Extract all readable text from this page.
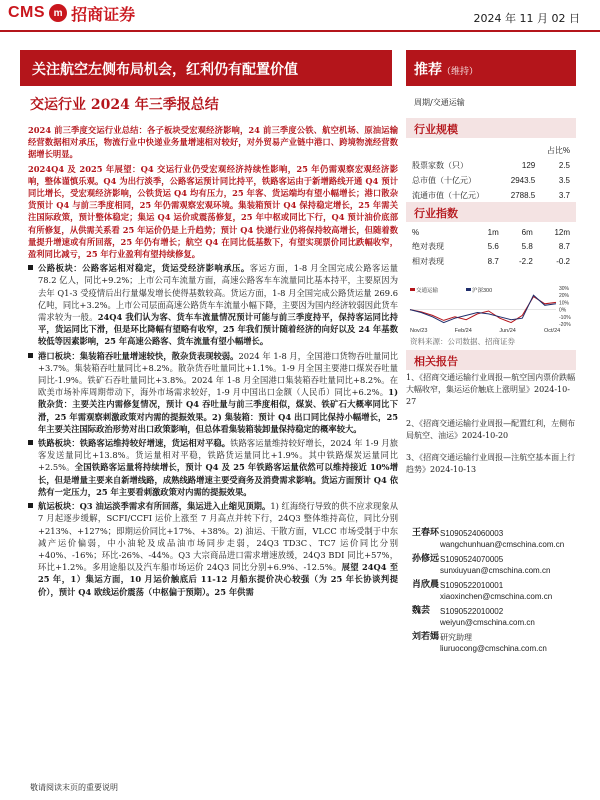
CMS m 招商证券	2024 年 11 月 02 日
关注航空左侧布局机会，红利仍有配置价值	推荐（维持）
交运行业 2024 年三季报总结	周期/交通运输

2024 前三季度交运行业总结：各子板块受宏观经济影响，24 前三季度公铁、航空机场、原油运输经营数据相对承压，物流行业中快递业务量增速相对较好，对外贸易产业链中港口、跨境物流经营数据增长明显。

2024Q4 及 2025 年展望：Q4 交运行业仍受宏观经济持续性影响，25 年仍需观察宏观经济影响，整体谨慎乐观。Q4 为出行淡季，公路客运预计同比持平，铁路客运由于新增路线开通 Q4 预计同比增长，受宏观经济影响，公铁货运 Q4 均有压力，25 年客、货运端均有望小幅增长；港口散杂货预计 Q4 与前三季度相同，25 年仍需观察宏观环境。集装箱预计 Q4 保持稳定增长，25 年需关注国际政策，预计整体稳定；集运 Q4 运价或震荡修复，25 年中枢或同比下行，Q4 预计油价底部有所修复，从供需关系看 25 年运价仍是上升趋势；预计 Q4 快递行业仍将保持较高增长，但随着数量提升增速或有所回落，25 年仍有增长；航空 Q4 在同比低基数下，有望实现票价同比跌幅收窄，盈利同比减亏，25 年行业盈利有望持续修复。

公路板块：公路客运相对稳定，货运受经济影响承压。客运方面，1-8 月全国完成公路客运量 78.2 亿人，同比+9.2%；上市公司车流量方面，高速公路客车车流量同比基本持平，主要原因为去年 Q1-3 受疫情后出行量爆发增长使得基数较高。货运方面，1-8 月全国完成公路货运量 269.6 亿吨，同比+3.2%。上市公司层面高速公路货车车流量小幅下降，主要因为国内经济较弱因此货车需求较为一般。24Q4 我们认为客、货车车流量情况预计可能与前三季度持平，保持客运同比持平，货运同比下滑，但是环比降幅有望略有收窄，25 年我们预计随着经济的向好以及 24 年基数较低等因素影响，25 年高速公路客、货车流量有望小幅增长。

港口板块：集装箱吞吐量增速较快，散杂货表现较弱。2024 年 1-8 月，全国港口货物吞吐量同比+3.7%。集装箱吞吐量同比+8.2%。散杂货吞吐量同比+1.1%。1-9 月全国主要港口煤炭吞吐量同比-1.9%。铁矿石吞吐量同比+3.8%。2024 年 1-8 月全国港口集装箱吞吐量同比+8.2%。在欧美市场补库周期带动下，海外市场需求较好，1-9 月中国出口金额（人民币）同比+6.2%。1) 散杂货：主要关注内需修复情况，预计 Q4 吞吐量与前三季度相似，煤炭、铁矿石大概率同比下滑，25 年需观察刺激政策对内需的提振效果。2) 集装箱：预计 Q4 出口同比保持小幅增长，25 年主要关注国际政治形势对出口政策影响，但总体看集装箱装卸量保持稳定的概率较大。

铁路板块：铁路客运维持较好增速，货运相对平稳。铁路客运量维持较好增长，2024 年 1-9 月旅客发送量同比+13.8%。货运量相对平稳，铁路货运量同比+1.9%。其中铁路煤炭运量同比+2.5%。全国铁路客运量将持续增长，预计 Q4 及 25 年铁路客运量依然可以维持接近 10%增长，但是增量主要来自新增线路，成熟线路增速主要受商务及消费需求影响。货运方面预计 Q4 依然有一定压力，25 年主要看刺激政策对内需的提振效果。

航运板块：Q3 油运淡季需求有所回落，集运进入止缩见顶期。1) 红海绕行导致的供不应求现象从 7 月起逐步缓解，SCFI/CCFI 运价上涨至 7 月高点并转下行，24Q3 整体维持高位，同比分别+213%、+127%；即期运价同比+17%、+38%。2) 油运、干散方面，VLCC 市场受制于中东减产运价偏弱，中小油轮及成品油市场同步走弱，24Q3 TD3C、TC7 运价同比分别+40%、-16%；环比-26%、-44%。Q3 大宗商品进口需求增速放缓，24Q3 BDI 同比+57%，环比+1.2%。多用途船以及汽车船市场运价 24Q3 同比分别+6.9%、-12.5%。展望 24Q4 至 25 年，1）集运方面，10 月运价触底后 11-12 月船东提价决心较强（为 25 年长协谈判提价），预计 Q4 欧线运价震荡（中枢偏于预期）。25 年供需

行业规模
		占比%
股票家数（只）	129	2.5
总市值（十亿元）	2943.5	3.5
流通市值（十亿元）	2788.5	3.7
行业指数
%	1m	6m	12m
绝对表现	5.6	5.8	8.7
相对表现	8.7	-2.2	-0.2
交通运输	沪深300	30%
20%
10%
0%
-10%
-20%
Nov/23	Feb/24	Jun/24	Oct/24
资料来源：公司数据、招商证券
相关报告

1、《招商交通运输行业周报—航空国内票价跌幅大幅收窄，集运运价触底上涨明显》2024-10-27

2、《招商交通运输行业周报—配置红利，左侧布局航空、油运》2024-10-20

3、《招商交通运输行业周报—注航空基本面上行趋势》2024-10-13

王春环 S1090524060003
wangchunhuan@cmschina.com.cn
孙修远 S1090524070005
sunxiuyuan@cmschina.com.cn
肖欣晨 S1090522010001
xiaoxinchen@cmschina.com.cn
魏芸	S1090522010002
weiyun@cmschina.com.cn
刘若嫣 研究助理
liuruocong@cmschina.com.cn
敬请阅读末页的重要说明
